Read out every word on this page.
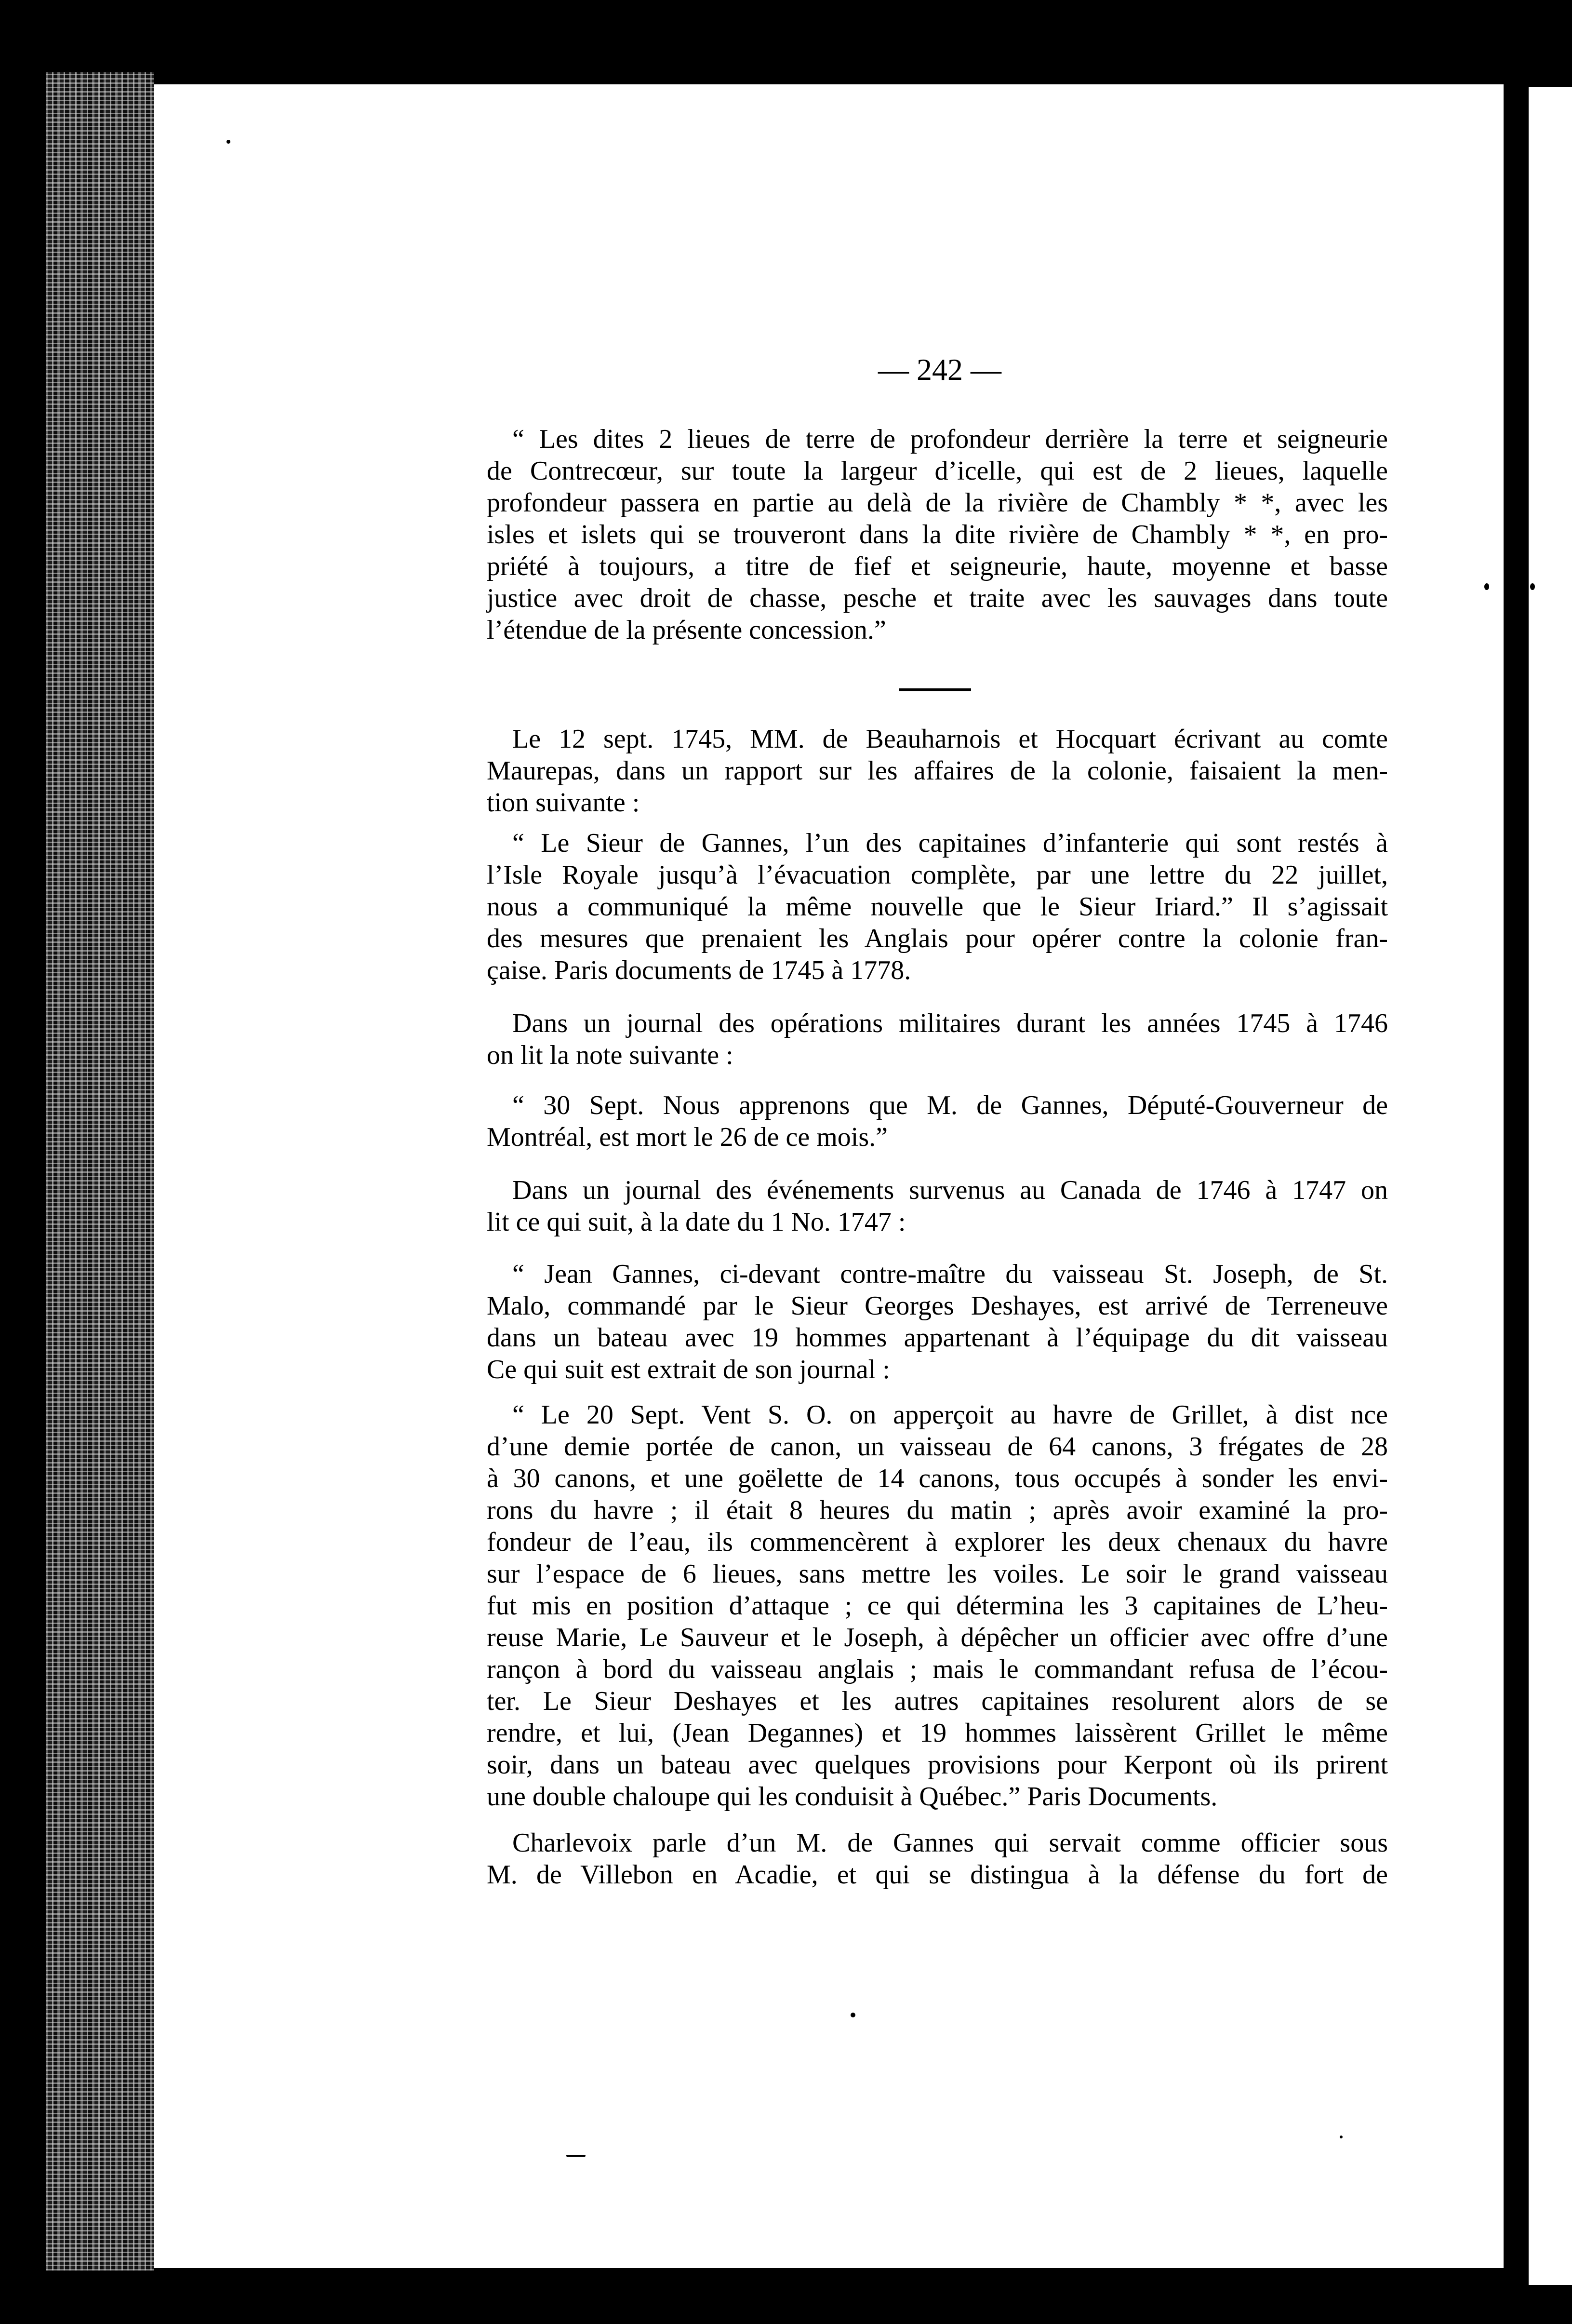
— 242 —
“ Les dites 2 lieues de terre de profondeur derrière la terre et seigneurie
de Contrecœur, sur toute la largeur d’icelle, qui est de 2 lieues, laquelle
profondeur passera en partie au delà de la rivière de Chambly * *, avec les
isles et islets qui se trouveront dans la dite rivière de Chambly * *, en pro-
priété à toujours, a titre de fief et seigneurie, haute, moyenne et basse
justice avec droit de chasse, pesche et traite avec les sauvages dans toute
l’étendue de la présente concession.”
Le 12 sept. 1745, MM. de Beauharnois et Hocquart écrivant au comte
Maurepas, dans un rapport sur les affaires de la colonie, faisaient la men-
tion suivante :
“ Le Sieur de Gannes, l’un des capitaines d’infanterie qui sont restés à
l’Isle Royale jusqu’à l’évacuation complète, par une lettre du 22 juillet,
nous a communiqué la même nouvelle que le Sieur Iriard.” Il s’agissait
des mesures que prenaient les Anglais pour opérer contre la colonie fran-
çaise. Paris documents de 1745 à 1778.
Dans un journal des opérations militaires durant les années 1745 à 1746
on lit la note suivante :
“ 30 Sept. Nous apprenons que M. de Gannes, Député-Gouverneur de
Montréal, est mort le 26 de ce mois.”
Dans un journal des événements survenus au Canada de 1746 à 1747 on
lit ce qui suit, à la date du 1 No. 1747 :
“ Jean Gannes, ci-devant contre-maître du vaisseau St. Joseph, de St.
Malo, commandé par le Sieur Georges Deshayes, est arrivé de Terreneuve
dans un bateau avec 19 hommes appartenant à l’équipage du dit vaisseau
Ce qui suit est extrait de son journal :
“ Le 20 Sept. Vent S. O. on apperçoit au havre de Grillet, à dist nce
d’une demie portée de canon, un vaisseau de 64 canons, 3 frégates de 28
à 30 canons, et une goëlette de 14 canons, tous occupés à sonder les envi-
rons du havre ; il était 8 heures du matin ; après avoir examiné la pro-
fondeur de l’eau, ils commencèrent à explorer les deux chenaux du havre
sur l’espace de 6 lieues, sans mettre les voiles. Le soir le grand vaisseau
fut mis en position d’attaque ; ce qui détermina les 3 capitaines de L’heu-
reuse Marie, Le Sauveur et le Joseph, à dépêcher un officier avec offre d’une
rançon à bord du vaisseau anglais ; mais le commandant refusa de l’écou-
ter. Le Sieur Deshayes et les autres capitaines resolurent alors de se
rendre, et lui, (Jean Degannes) et 19 hommes laissèrent Grillet le même
soir, dans un bateau avec quelques provisions pour Kerpont où ils prirent
une double chaloupe qui les conduisit à Québec.” Paris Documents.
Charlevoix parle d’un M. de Gannes qui servait comme officier sous
M. de Villebon en Acadie, et qui se distingua à la défense du fort de
